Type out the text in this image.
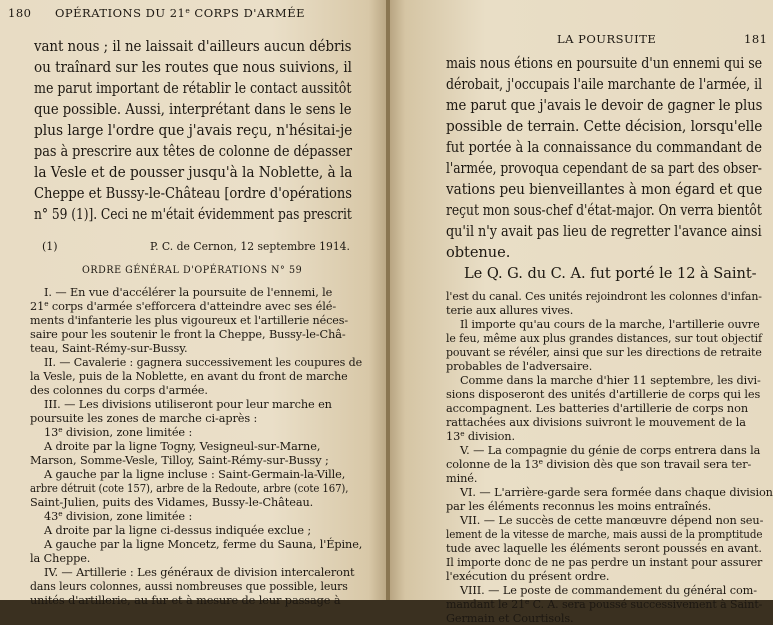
180 OPÉRATIONS DU 21e CORPS D'ARMÉE
vant nous ; il ne laissait d'ailleurs aucun débris
ou traînard sur les routes que nous suivions, il
me parut important de rétablir le contact aussitôt
que possible. Aussi, interprétant dans le sens le
plus large l'ordre que j'avais reçu, n'hésitai-je
pas à prescrire aux têtes de colonne de dépasser
la Vesle et de pousser jusqu'à la Noblette, à la
Cheppe et Bussy-le-Château [ordre d'opérations
n° 59 (1)]. Ceci ne m'était évidemment pas prescrit
(1)	P. C. de Cernon, 12 septembre 1914.
ORDRE GÉNÉRAL D'OPÉRATIONS N° 59
I. — En vue d'accélérer la poursuite de l'ennemi, le
21e corps d'armée s'efforcera d'atteindre avec ses élé-
ments d'infanterie les plus vigoureux et l'artillerie néces-
saire pour les soutenir le front la Cheppe, Bussy-le-Châ-
teau, Saint-Rémy-sur-Bussy.
II. — Cavalerie : gagnera successivement les coupures de
la Vesle, puis de la Noblette, en avant du front de marche
des colonnes du corps d'armée.
III. — Les divisions utiliseront pour leur marche en
poursuite les zones de marche ci-après :
13e division, zone limitée :
A droite par la ligne Togny, Vesigneul-sur-Marne,
Marson, Somme-Vesle, Tilloy, Saint-Rémy-sur-Bussy ;
A gauche par la ligne incluse : Saint-Germain-la-Ville,
arbre détruit (cote 157), arbre de la Redoute, arbre (cote 167),
Saint-Julien, puits des Vidames, Bussy-le-Château.
43e division, zone limitée :
A droite par la ligne ci-dessus indiquée exclue ;
A gauche par la ligne Moncetz, ferme du Sauna, l'Épine,
la Cheppe.
IV. — Artillerie : Les généraux de division intercaleront
dans leurs colonnes, aussi nombreuses que possible, leurs
unités d'artillerie, au fur et à mesure de leur passage à
LA POURSUITE	181
mais nous étions en poursuite d'un ennemi qui se
dérobait, j'occupais l'aile marchante de l'armée, il
me parut que j'avais le devoir de gagner le plus
possible de terrain. Cette décision, lorsqu'elle
fut portée à la connaissance du commandant de
l'armée, provoqua cependant de sa part des obser-
vations peu bienveillantes à mon égard et que
reçut mon sous-chef d'état-major. On verra bientôt
qu'il n'y avait pas lieu de regretter l'avance ainsi
obtenue.
Le Q. G. du C. A. fut porté le 12 à Saint-
l'est du canal. Ces unités rejoindront les colonnes d'infan-
terie aux allures vives.
Il importe qu'au cours de la marche, l'artillerie ouvre
le feu, même aux plus grandes distances, sur tout objectif
pouvant se révéler, ainsi que sur les directions de retraite
probables de l'adversaire.
Comme dans la marche d'hier 11 septembre, les divi-
sions disposeront des unités d'artillerie de corps qui les
accompagnent. Les batteries d'artillerie de corps non
rattachées aux divisions suivront le mouvement de la
13e division.
V. — La compagnie du génie de corps entrera dans la
colonne de la 13e division dès que son travail sera ter-
miné.
VI. — L'arrière-garde sera formée dans chaque division
par les éléments reconnus les moins entraînés.
VII. — Le succès de cette manœuvre dépend non seu-
lement de la vitesse de marche, mais aussi de la promptitude
tude avec laquelle les éléments seront poussés en avant.
Il importe donc de ne pas perdre un instant pour assurer
l'exécution du présent ordre.
VIII. — Le poste de commandement du général com-
mandant le 21e C. A. sera poussé successivement à Saint-
Germain et Courtisols.
